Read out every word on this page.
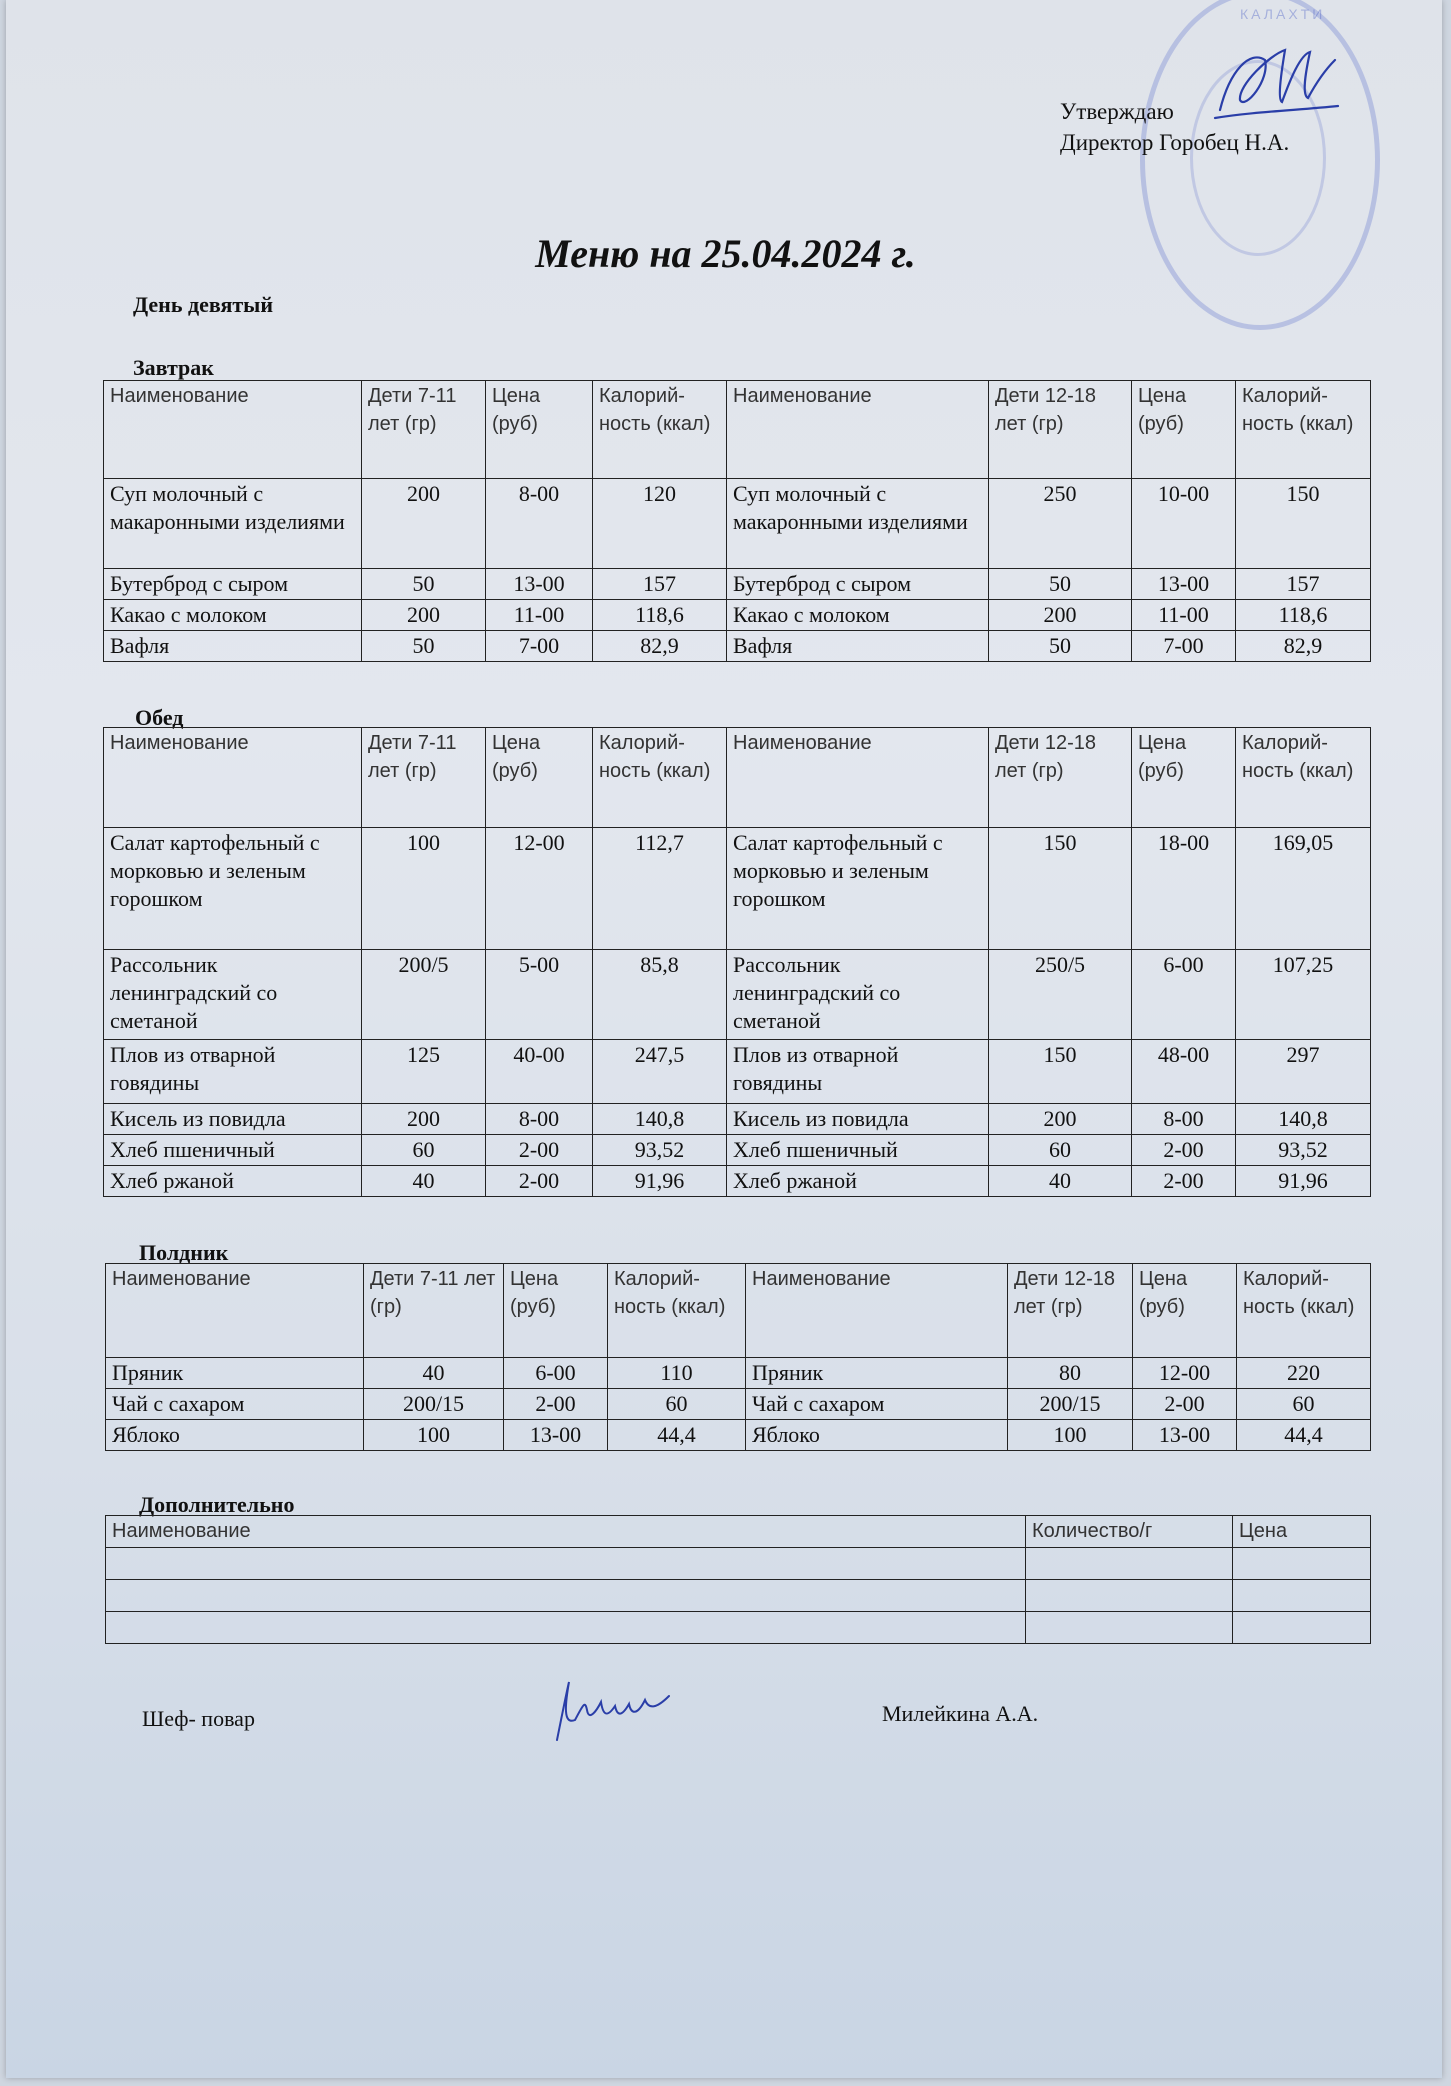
КАЛАХТИ
Утверждаю
Директор Горобец Н.А.
Меню на 25.04.2024 г.
День девятый
Завтрак
Наименование	Дети 7-11 лет (гр)	Цена (руб)	Калорий-ность (ккал)	Наименование	Дети 12-18 лет (гр)	Цена (руб)	Калорий-ность (ккал)
Суп молочный с макаронными изделиями	200	8-00	120	Суп молочный с макаронными изделиями	250	10-00	150
Бутерброд с сыром	50	13-00	157	Бутерброд с сыром	50	13-00	157
Какао с молоком	200	11-00	118,6	Какао с молоком	200	11-00	118,6
Вафля	50	7-00	82,9	Вафля	50	7-00	82,9
Обед
Наименование	Дети 7-11 лет (гр)	Цена (руб)	Калорий-ность (ккал)	Наименование	Дети 12-18 лет (гр)	Цена (руб)	Калорий-ность (ккал)
Салат картофельный с морковью и зеленым горошком	100	12-00	112,7	Салат картофельный с морковью и зеленым горошком	150	18-00	169,05
Рассольник ленинградский со сметаной	200/5	5-00	85,8	Рассольник ленинградский со сметаной	250/5	6-00	107,25
Плов из отварной говядины	125	40-00	247,5	Плов из отварной говядины	150	48-00	297
Кисель из повидла	200	8-00	140,8	Кисель из повидла	200	8-00	140,8
Хлеб пшеничный	60	2-00	93,52	Хлеб пшеничный	60	2-00	93,52
Хлеб ржаной	40	2-00	91,96	Хлеб ржаной	40	2-00	91,96
Полдник
Наименование	Дети 7-11 лет (гр)	Цена (руб)	Калорий-ность (ккал)	Наименование	Дети 12-18 лет (гр)	Цена (руб)	Калорий-ность (ккал)
Пряник	40	6-00	110	Пряник	80	12-00	220
Чай с сахаром	200/15	2-00	60	Чай с сахаром	200/15	2-00	60
Яблоко	100	13-00	44,4	Яблоко	100	13-00	44,4
Дополнительно
Наименование	Количество/г	Цена

Шеф- повар	Милейкина А.А.
